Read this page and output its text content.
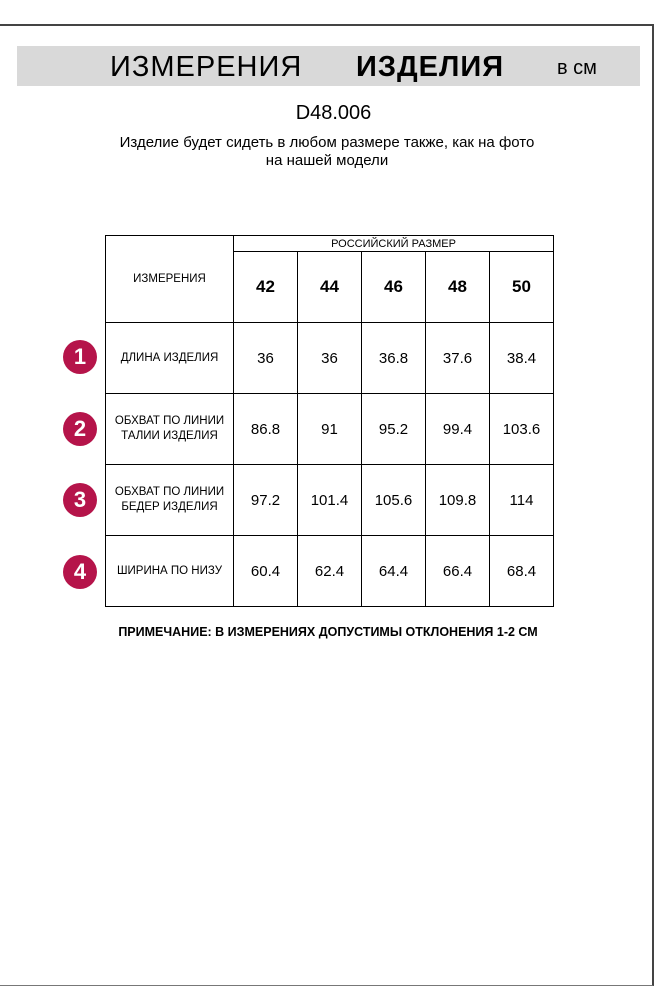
ИЗМЕРЕНИЯ ИЗДЕЛИЯ	в см
D48.006
Изделие будет сидеть в любом размере также, как на фото
на нашей модели
ИЗМЕРЕНИЯ	РОССИЙСКИЙ РАЗМЕР				
	42	44	46	48	50

ДЛИНА ИЗДЕЛИЯ	36	36	36.8	37.6	38.4

ОБХВАТ ПО ЛИНИИ
ТАЛИИ ИЗДЕЛИЯ	86.8	91	95.2	99.4	103.6

ОБХВАТ ПО ЛИНИИ
БЕДЕР ИЗДЕЛИЯ	97.2	101.4	105.6	109.8	114

ШИРИНА ПО НИЗУ	60.4	62.4	64.4	66.4	68.4
1
2
3
4
ПРИМЕЧАНИЕ: В ИЗМЕРЕНИЯХ ДОПУСТИМЫ ОТКЛОНЕНИЯ 1-2 СМ
